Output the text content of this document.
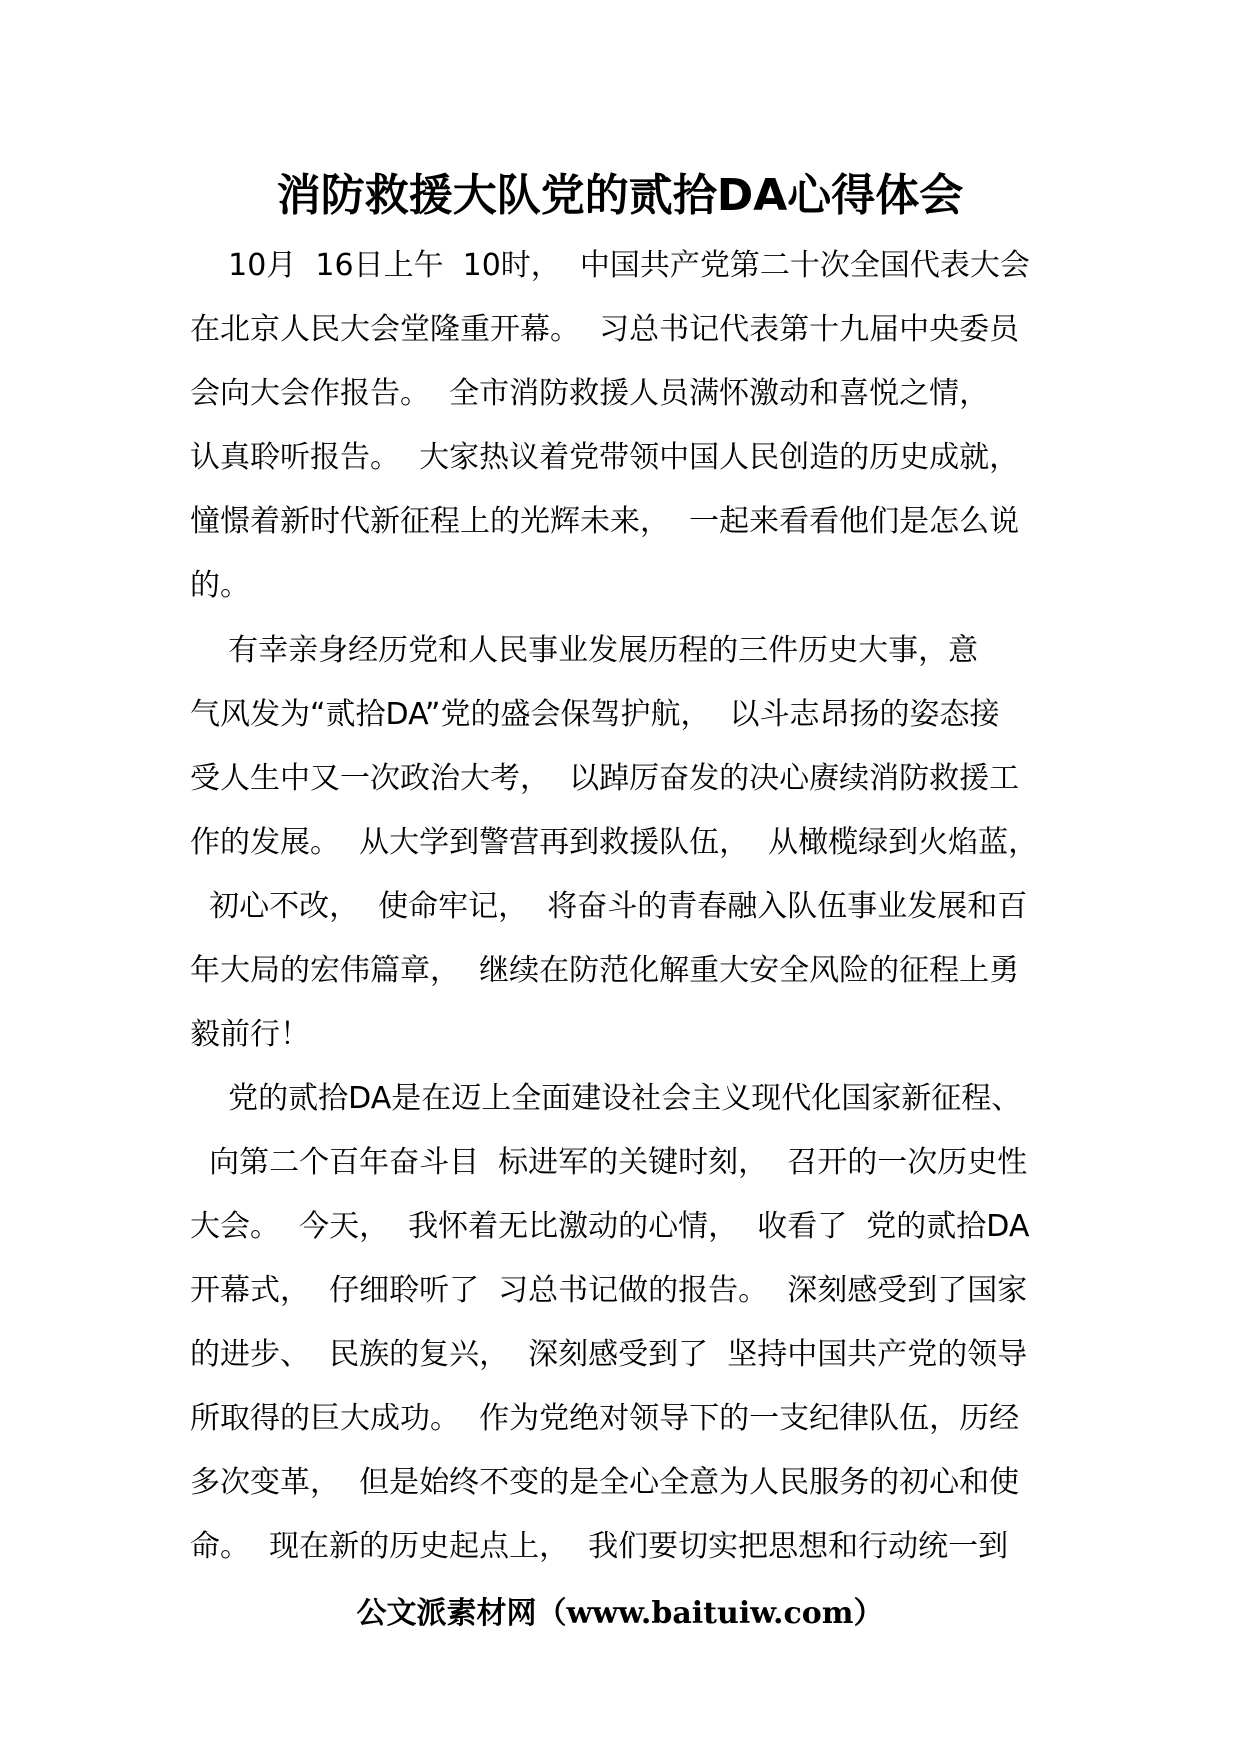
消防救援大队党的贰拾DA心得体会
10月  16日上午  10时，  中国共产党第二十次全国代表大会
在北京人民大会堂隆重开幕。  习总书记代表第十九届中央委员
会向大会作报告。  全市消防救援人员满怀激动和喜悦之情，
认真聆听报告。  大家热议着党带领中国人民创造的历史成就，
憧憬着新时代新征程上的光辉未来，  一起来看看他们是怎么说
的。
有幸亲身经历党和人民事业发展历程的三件历史大事，意
气风发为“贰拾DA”党的盛会保驾护航，  以斗志昂扬的姿态接
受人生中又一次政治大考，  以踔厉奋发的决心赓续消防救援工
作的发展。  从大学到警营再到救援队伍，  从橄榄绿到火焰蓝，
初心不改，  使命牢记，  将奋斗的青春融入队伍事业发展和百
年大局的宏伟篇章，  继续在防范化解重大安全风险的征程上勇
毅前行！
党的贰拾DA是在迈上全面建设社会主义现代化国家新征程、
向第二个百年奋斗目  标进军的关键时刻，  召开的一次历史性
大会。  今天，  我怀着无比激动的心情，  收看了  党的贰拾DA
开幕式，  仔细聆听了  习总书记做的报告。  深刻感受到了国家
的进步、  民族的复兴，  深刻感受到了  坚持中国共产党的领导
所取得的巨大成功。  作为党绝对领导下的一支纪律队伍，历经
多次变革，  但是始终不变的是全心全意为人民服务的初心和使
命。  现在新的历史起点上，  我们要切实把思想和行动统一到
公文派素材网（www.baituiw.com）
